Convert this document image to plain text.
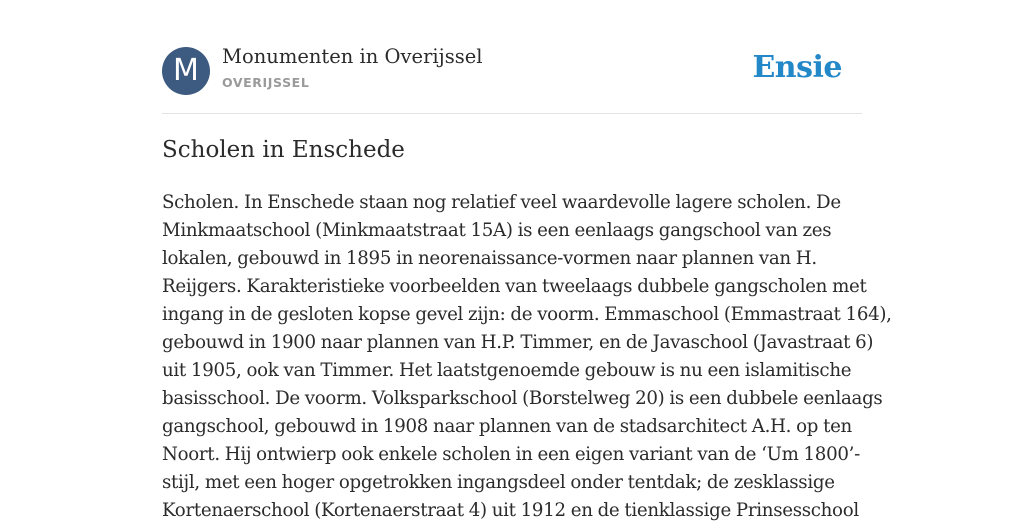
M	Monumenten in Overijssel
OVERIJSSEL	Ensie
Scholen in Enschede

Scholen. In Enschede staan nog relatief veel waardevolle lagere scholen. De
Minkmaatschool (Minkmaatstraat 15A) is een eenlaags gangschool van zes
lokalen, gebouwd in 1895 in neorenaissance-vormen naar plannen van H.
Reijgers. Karakteristieke voorbeelden van tweelaags dubbele gangscholen met
ingang in de gesloten kopse gevel zijn: de voorm. Emmaschool (Emmastraat 164),
gebouwd in 1900 naar plannen van H.P. Timmer, en de Javaschool (Javastraat 6)
uit 1905, ook van Timmer. Het laatstgenoemde gebouw is nu een islamitische
basisschool. De voorm. Volksparkschool (Borstelweg 20) is een dubbele eenlaags
gangschool, gebouwd in 1908 naar plannen van de stadsarchitect A.H. op ten
Noort. Hij ontwierp ook enkele scholen in een eigen variant van de ‘Um 1800’-
stijl, met een hoger opgetrokken ingangsdeel onder tentdak; de zesklassige
Kortenaerschool (Kortenaerstraat 4) uit 1912 en de tienklassige Prinsesschool
